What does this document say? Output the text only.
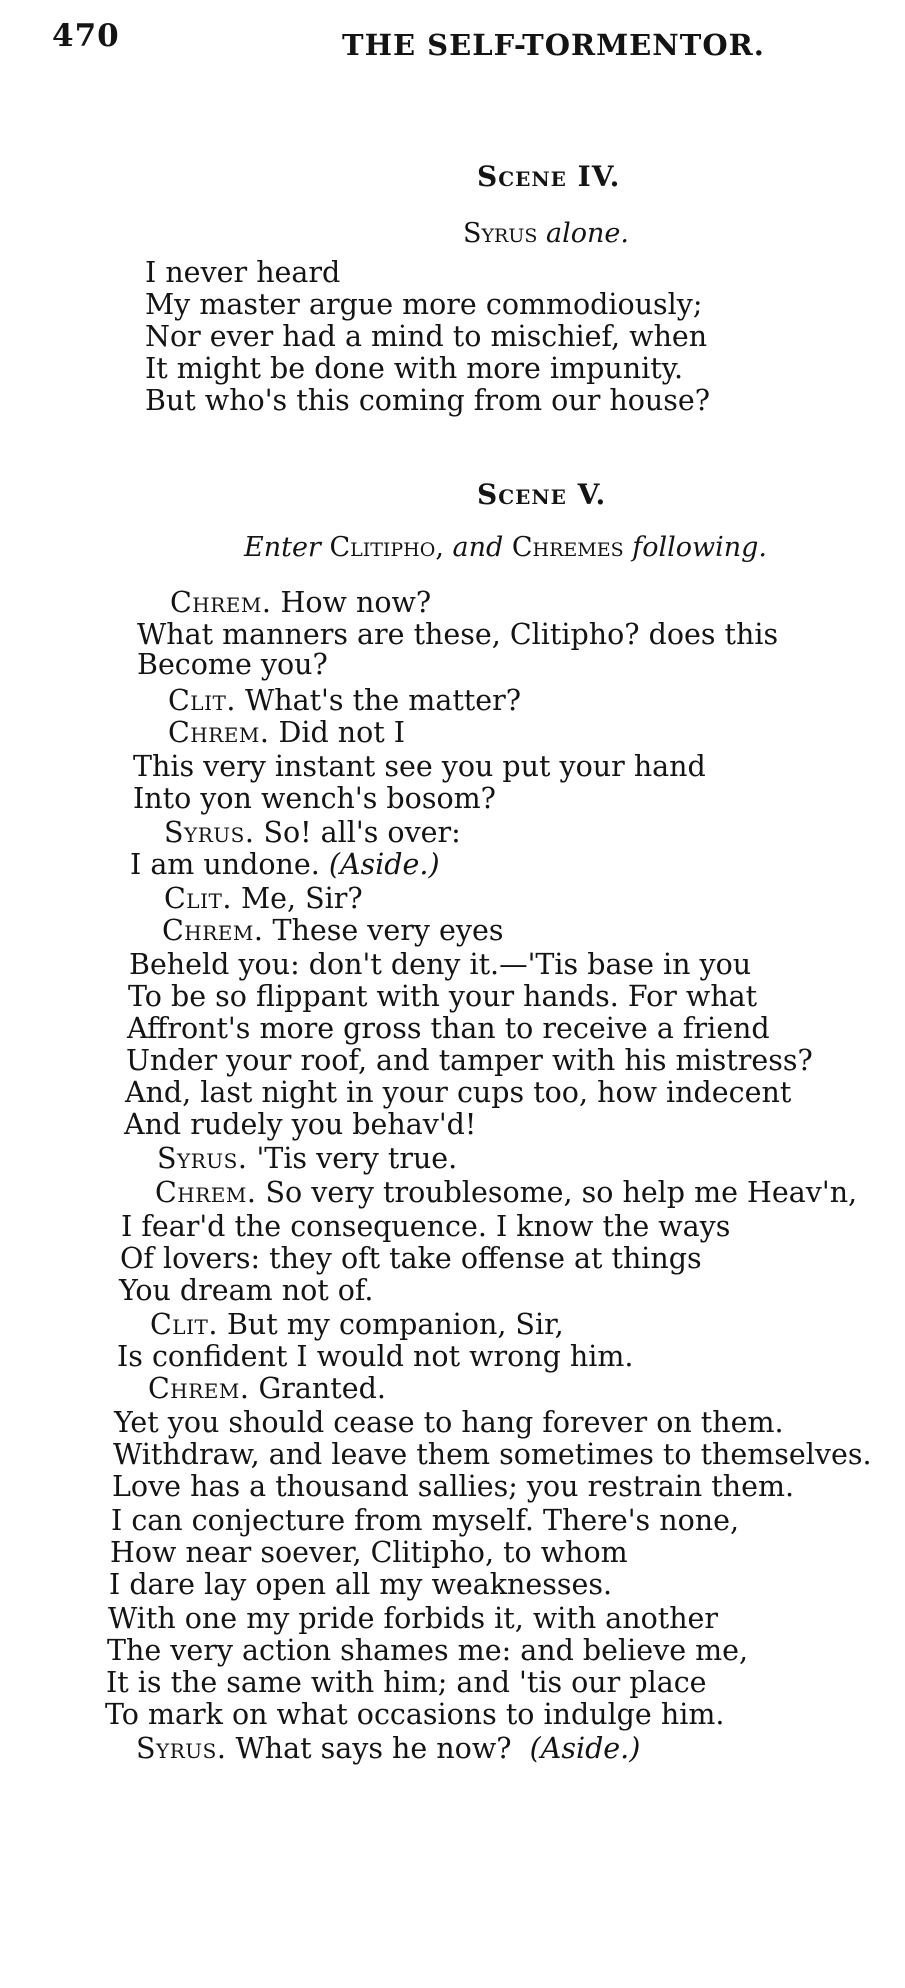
470	THE SELF-TORMENTOR.
Scene IV.
Syrus alone.
I never heard
My master argue more commodiously;
Nor ever had a mind to mischief, when
It might be done with more impunity.
But who's this coming from our house?
Scene V.
Enter Clitipho, and Chremes following.
Chrem. How now?
What manners are these, Clitipho? does this
Become you?
Clit. What's the matter?
Chrem. Did not I
This very instant see you put your hand
Into yon wench's bosom?
Syrus. So! all's over:
I am undone. (Aside.)
Clit. Me, Sir?
Chrem. These very eyes
Beheld you: don't deny it.—'Tis base in you
To be so flippant with your hands. For what
Affront's more gross than to receive a friend
Under your roof, and tamper with his mistress?
And, last night in your cups too, how indecent
And rudely you behav'd!
Syrus. 'Tis very true.
Chrem. So very troublesome, so help me Heav'n,
I fear'd the consequence. I know the ways
Of lovers: they oft take offense at things
You dream not of.
Clit. But my companion, Sir,
Is confident I would not wrong him.
Chrem. Granted.
Yet you should cease to hang forever on them.
Withdraw, and leave them sometimes to themselves.
Love has a thousand sallies; you restrain them.
I can conjecture from myself. There's none,
How near soever, Clitipho, to whom
I dare lay open all my weaknesses.
With one my pride forbids it, with another
The very action shames me: and believe me,
It is the same with him; and 'tis our place
To mark on what occasions to indulge him.
Syrus. What says he now? (Aside.)
